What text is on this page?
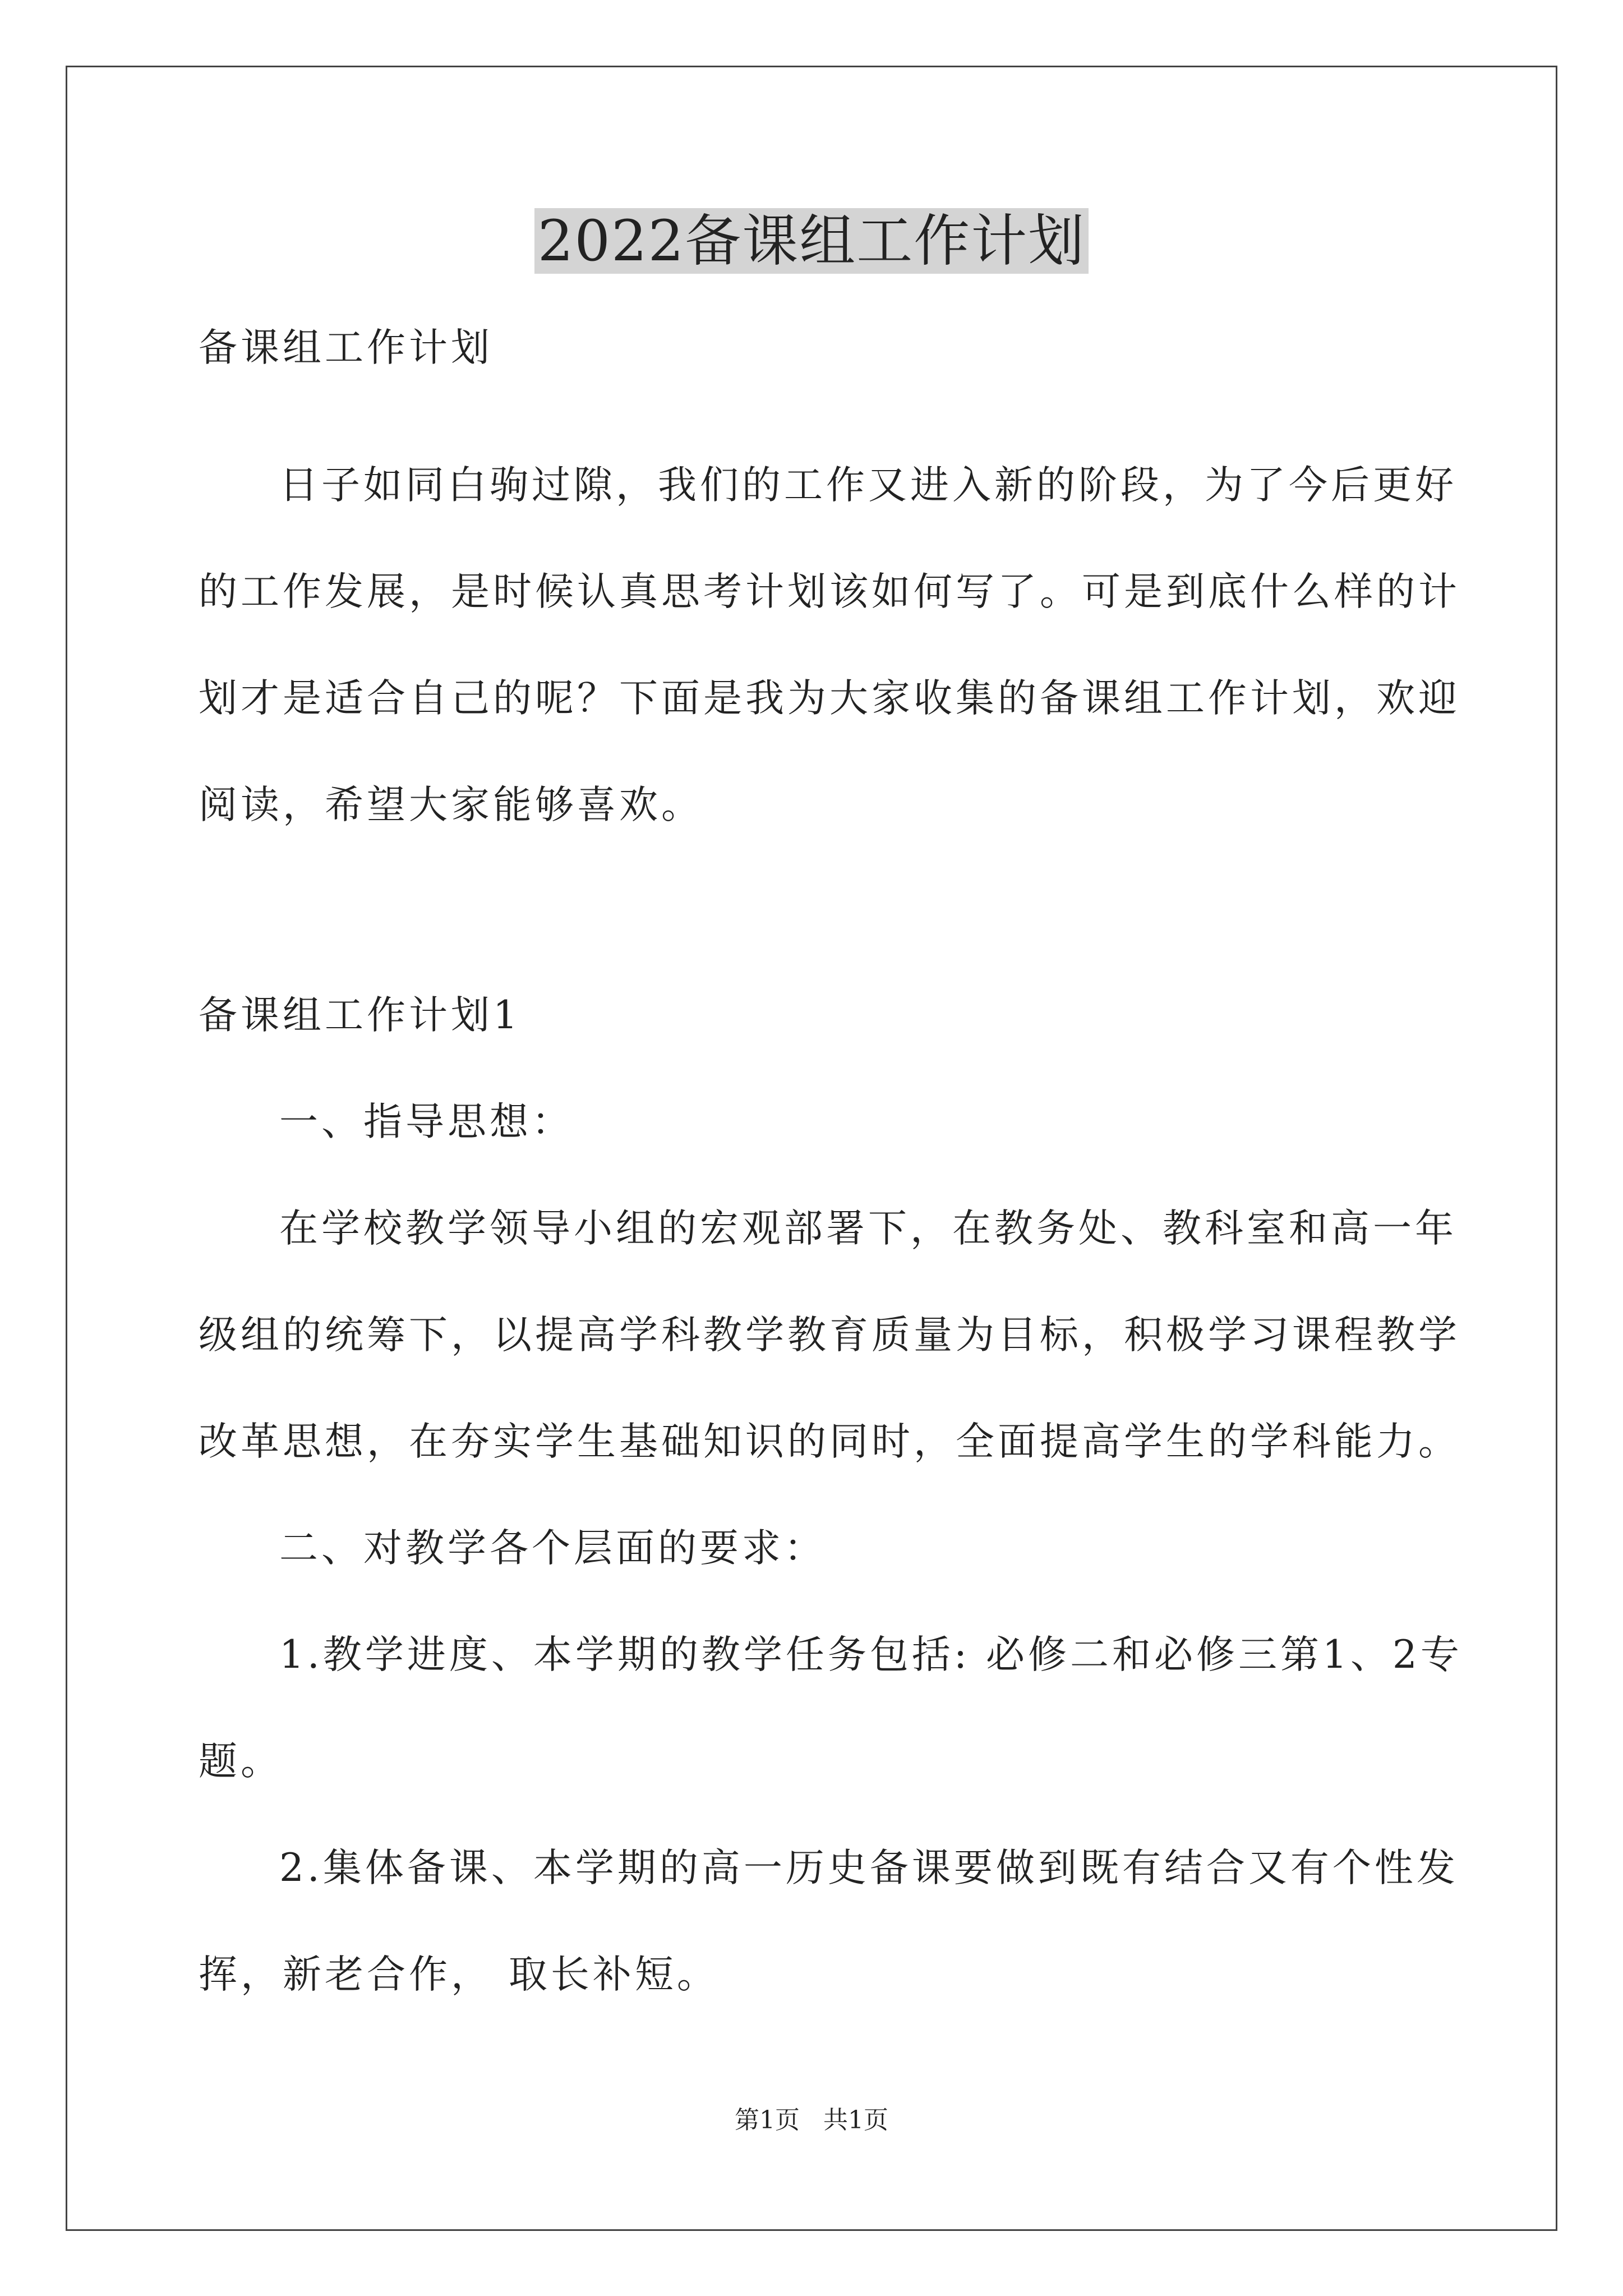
2022备课组工作计划
备课组工作计划
日子如同白驹过隙，我们的工作又进入新的阶段，为了今后更好
的工作发展，是时候认真思考计划该如何写了。可是到底什么样的计
划才是适合自己的呢？下面是我为大家收集的备课组工作计划，欢迎
阅读，希望大家能够喜欢。
备课组工作计划1
一、指导思想：
在学校教学领导小组的宏观部署下，在教务处、教科室和高一年
级组的统筹下，以提高学科教学教育质量为目标，积极学习课程教学
改革思想，在夯实学生基础知识的同时，全面提高学生的学科能力。
二、对教学各个层面的要求：
1.教学进度、本学期的教学任务包括: 必修二和必修三第1、2专
题。
2.集体备课、本学期的高一历史备课要做到既有结合又有个性发
挥，新老合作， 取长补短。
第1页   共1页
